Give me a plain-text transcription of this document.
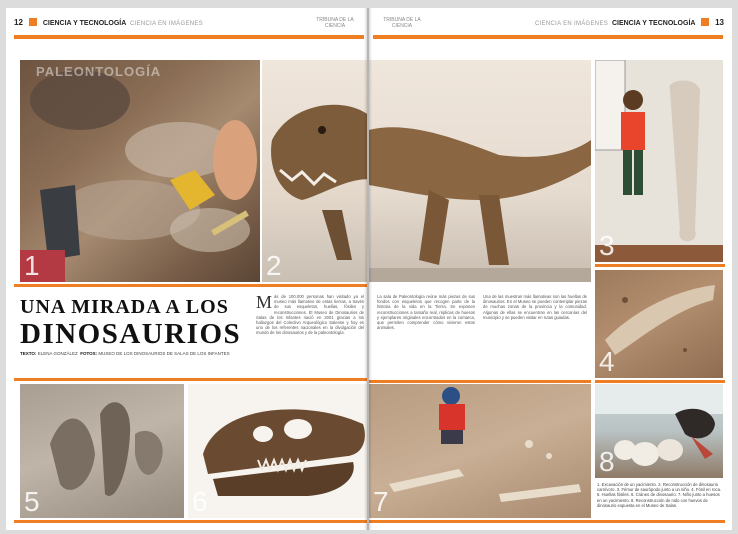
12	CIENCIA Y TECNOLOGÍA CIENCIA EN IMÁGENES
TRIBUNA DE LA CIENCIA
PALEONTOLOGÍA
1	2
UNA MIRADA A LOS
DINOSAURIOS
TEXTO: ELENA GONZÁLEZ FOTOS: MUSEO DE LOS DINOSAURIOS DE SALAS DE LOS INFANTES
M ás de 100.000 personas han visitado ya el museo más llamativo de estas tierras, a través de sus esqueletos, huellas, fósiles y reconstrucciones. El Museo de Dinosaurios de Salas de los Infantes nació en 2001 gracias a los hallazgos del Colectivo Arqueológico Salense y hoy es uno de los referentes nacionales en la divulgación del mundo de los dinosaurios y de la paleontología.
5	6
TRIBUNA DE LA CIENCIA	CIENCIA EN IMÁGENES CIENCIA Y TECNOLOGÍA 13
3
4
La sala de Paleontología reúne más piezas de sus fondos con esqueletos que recogen parte de la historia de la vida en la Tierra. Se exponen reconstrucciones a tamaño real, réplicas de huesos y ejemplares originales encontrados en la comarca, que permiten comprender cómo vivieron estos animales.
Una de las muestras más llamativas son las huellas de dinosaurios. En el Museo se pueden contemplar piezas de muchas zonas de la provincia y la comunidad. Algunas de ellas se encuentran en las cercanías del municipio y se pueden visitar en rutas guiadas.
7
8
1. Excavación de un yacimiento. 2. Reconstrucción de dinosaurio carnívoro. 3. Fémur de saurópodo junto a un niño. 4. Fósil en roca. 5. Huellas fósiles. 6. Cráneo de dinosaurio. 7. Niño junto a huesos en un yacimiento. 8. Reconstrucción de nido con huevos de dinosaurio expuesta en el Museo de Salas.
